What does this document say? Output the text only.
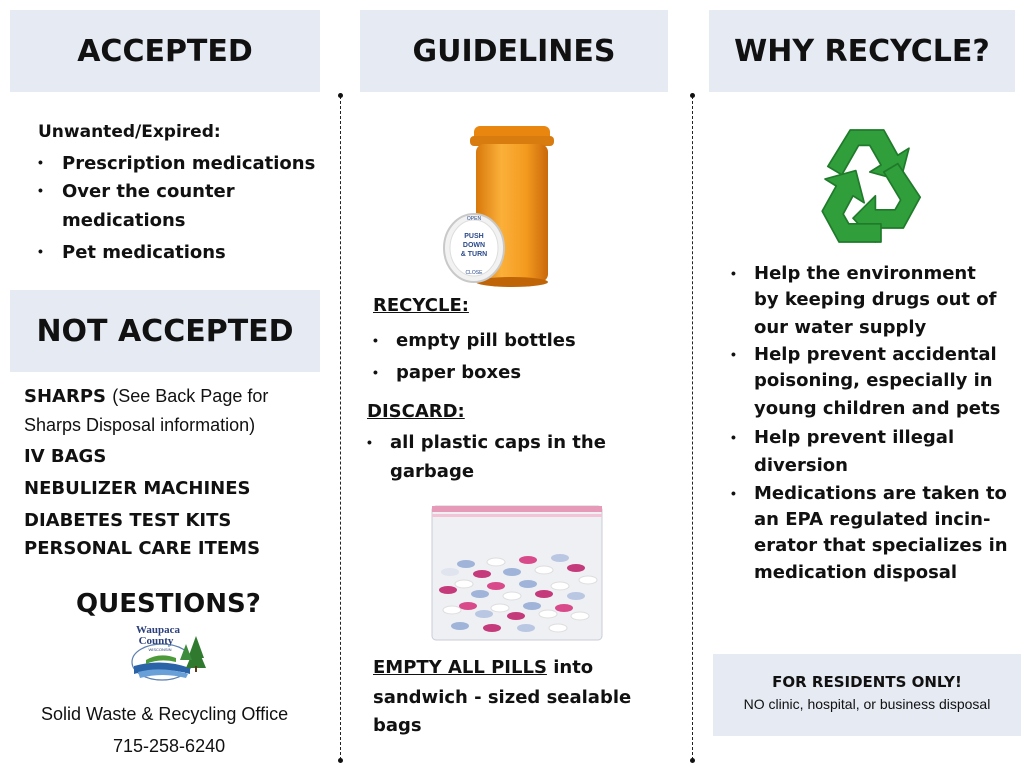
ACCEPTED
Unwanted/Expired:
• Prescription medications
• Over the counter
medications
• Pet medications
NOT ACCEPTED
SHARPS (See Back Page for
Sharps Disposal information)
IV BAGS
NEBULIZER MACHINES
DIABETES TEST KITS
PERSONAL CARE ITEMS
QUESTIONS?
Waupaca
County
WISCONSIN
Solid Waste & Recycling Office
715-258-6240
GUIDELINES
OPEN
PUSH
DOWN
& TURN
CLOSE
RECYCLE:
• empty pill bottles
• paper boxes
DISCARD:
• all plastic caps in the
garbage
EMPTY ALL PILLS into
sandwich - sized sealable bags
WHY RECYCLE?
• Help the environment
by keeping drugs out of
our water supply
• Help prevent accidental
poisoning, especially in
young children and pets
• Help prevent illegal
diversion
• Medications are taken to
an EPA regulated incin-
erator that specializes in
medication disposal
FOR RESIDENTS ONLY!
NO clinic, hospital, or business disposal
